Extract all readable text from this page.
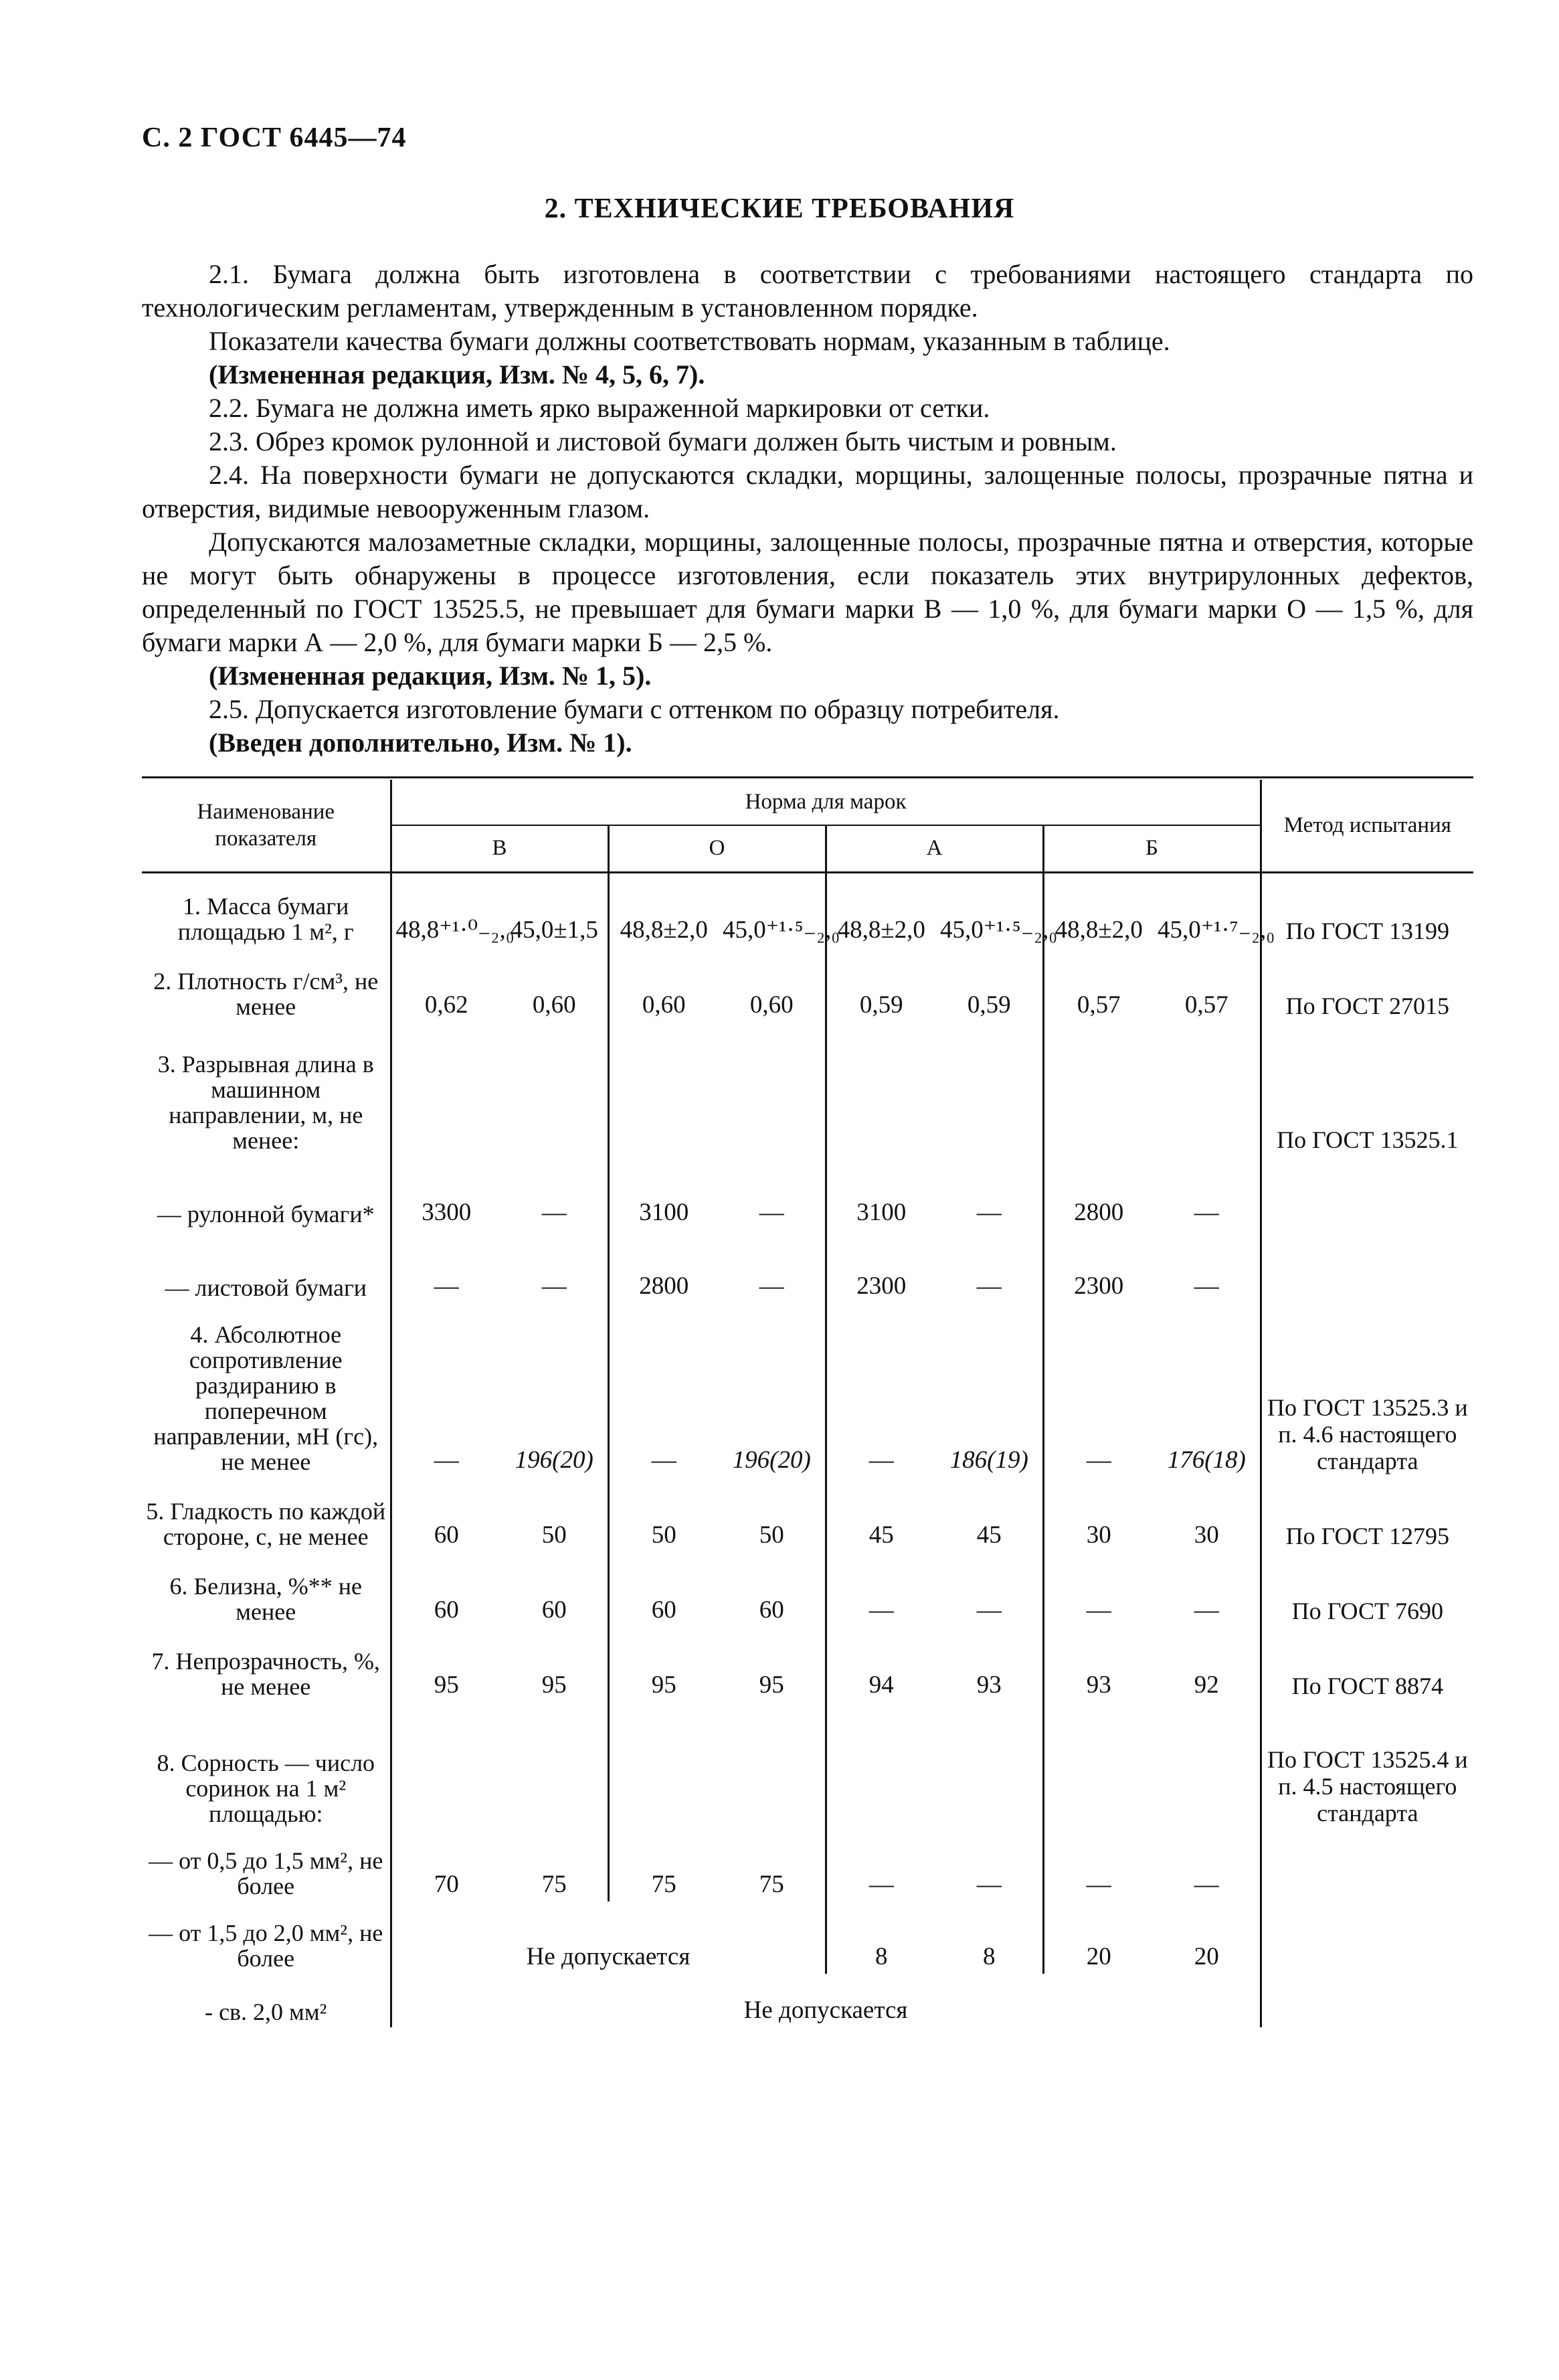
С. 2 ГОСТ 6445—74
2. ТЕХНИЧЕСКИЕ ТРЕБОВАНИЯ

2.1. Бумага должна быть изготовлена в соответствии с требованиями настоящего стандарта по технологическим регламентам, утвержденным в установленном порядке.

Показатели качества бумаги должны соответствовать нормам, указанным в таблице.

(Измененная редакция, Изм. № 4, 5, 6, 7).

2.2. Бумага не должна иметь ярко выраженной маркировки от сетки.

2.3. Обрез кромок рулонной и листовой бумаги должен быть чистым и ровным.

2.4. На поверхности бумаги не допускаются складки, морщины, залощенные полосы, прозрачные пятна и отверстия, видимые невооруженным глазом.

Допускаются малозаметные складки, морщины, залощенные полосы, прозрачные пятна и отверстия, которые не могут быть обнаружены в процессе изготовления, если показатель этих внутрирулонных дефектов, определенный по ГОСТ 13525.5, не превышает для бумаги марки В — 1,0 %, для бумаги марки О — 1,5 %, для бумаги марки А — 2,0 %, для бумаги марки Б — 2,5 %.

(Измененная редакция, Изм. № 1, 5).

2.5. Допускается изготовление бумаги с оттенком по образцу потребителя.

(Введен дополнительно, Изм. № 1).

Наименование показателя	Норма для марок								Метод испытания
	В		О		А		Б		
1. Масса бумаги площадью 1 м², г	48,8⁺¹·⁰₋₂,₀	45,0±1,5	48,8±2,0	45,0⁺¹·⁵₋₂,₀	48,8±2,0	45,0⁺¹·⁵₋₂,₀	48,8±2,0	45,0⁺¹·⁷₋₂,₀	По ГОСТ 13199
2. Плотность г/см³, не менее	0,62	0,60	0,60	0,60	0,59	0,59	0,57	0,57	По ГОСТ 27015
3. Разрывная длина в машинном направлении, м, не менее:									По ГОСТ 13525.1
— рулонной бумаги*	3300	—	3100	—	3100	—	2800	—	
— листовой бумаги	—	—	2800	—	2300	—	2300	—	
4. Абсолютное сопротивление раздиранию в поперечном направлении, мН (гс), не менее	—	196(20)	—	196(20)	—	186(19)	—	176(18)	По ГОСТ 13525.3 и п. 4.6 настоящего стандарта
5. Гладкость по каждой стороне, с, не менее	60	50	50	50	45	45	30	30	По ГОСТ 12795
6. Белизна, %** не менее	60	60	60	60	—	—	—	—	По ГОСТ 7690
7. Непрозрачность, %, не менее	95	95	95	95	94	93	93	92	По ГОСТ 8874
8. Сорность — число соринок на 1 м² площадью:									По ГОСТ 13525.4 и п. 4.5 настоящего стандарта
— от 0,5 до 1,5 мм², не более	70	75	75	75	—	—	—	—	
— от 1,5 до 2,0 мм², не более	Не допускается				8	8	20	20	
- св. 2,0 мм²	Не допускается								
